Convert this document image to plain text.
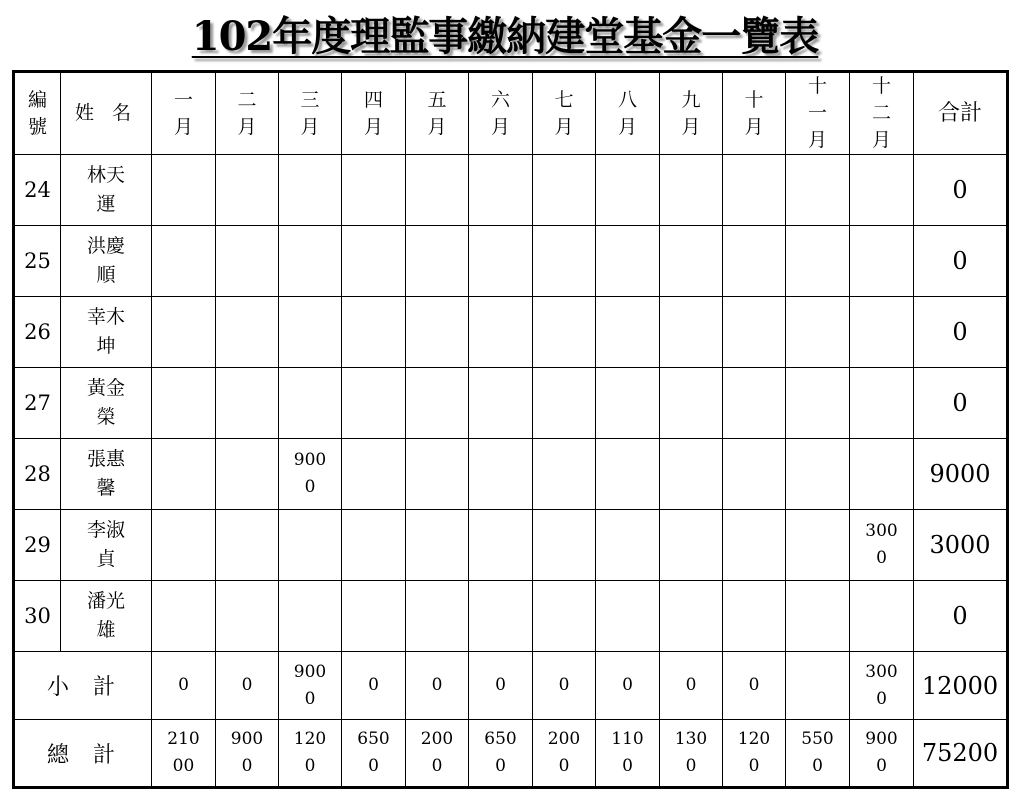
102年度理監事繳納建堂基金一覽表
編號	姓 名	一月	二月	三月	四月	五月	六月	七月	八月	九月	十月	十一月	十二月	合計
24	林天運													0
25	洪慶順													0
26	幸木坤													0
27	黃金榮													0
28	張惠馨			9000										9000
29	李淑貞												3000	3000
30	潘光雄													0
小計		0	0	9000	0	0	0	0	0	0	0		3000	12000
總計		21000	9000	1200	6500	2000	6500	2000	1100	1300	1200	5500	9000	75200
